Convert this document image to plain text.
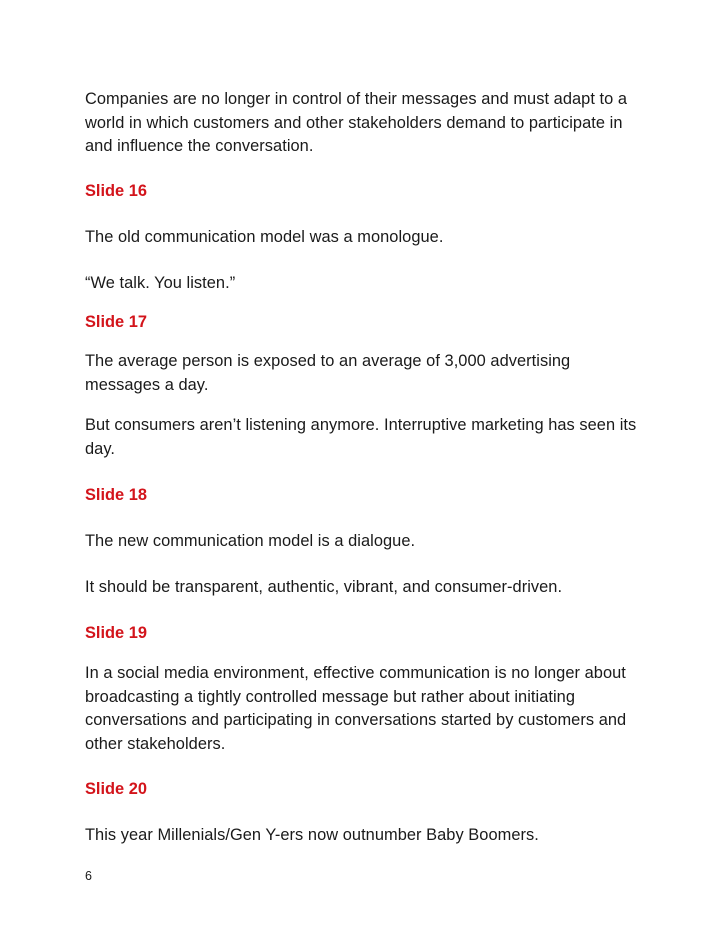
Companies are no longer in control of their messages and must adapt to a world in which customers and other stakeholders demand to participate in and influence the conversation.

Slide 16

The old communication model was a monologue.

“We talk. You listen.”

Slide 17

The average person is exposed to an average of 3,000 advertising messages a day.

But consumers aren’t listening anymore. Interruptive marketing has seen its day.

Slide 18

The new communication model is a dialogue.

It should be transparent, authentic, vibrant, and consumer-driven.

Slide 19

In a social media environment, effective communication is no longer about broadcasting a tightly controlled message but rather about initiating conversations and participating in conversations started by customers and other stakeholders.

Slide 20

This year Millenials/Gen Y-ers now outnumber Baby Boomers.

6
